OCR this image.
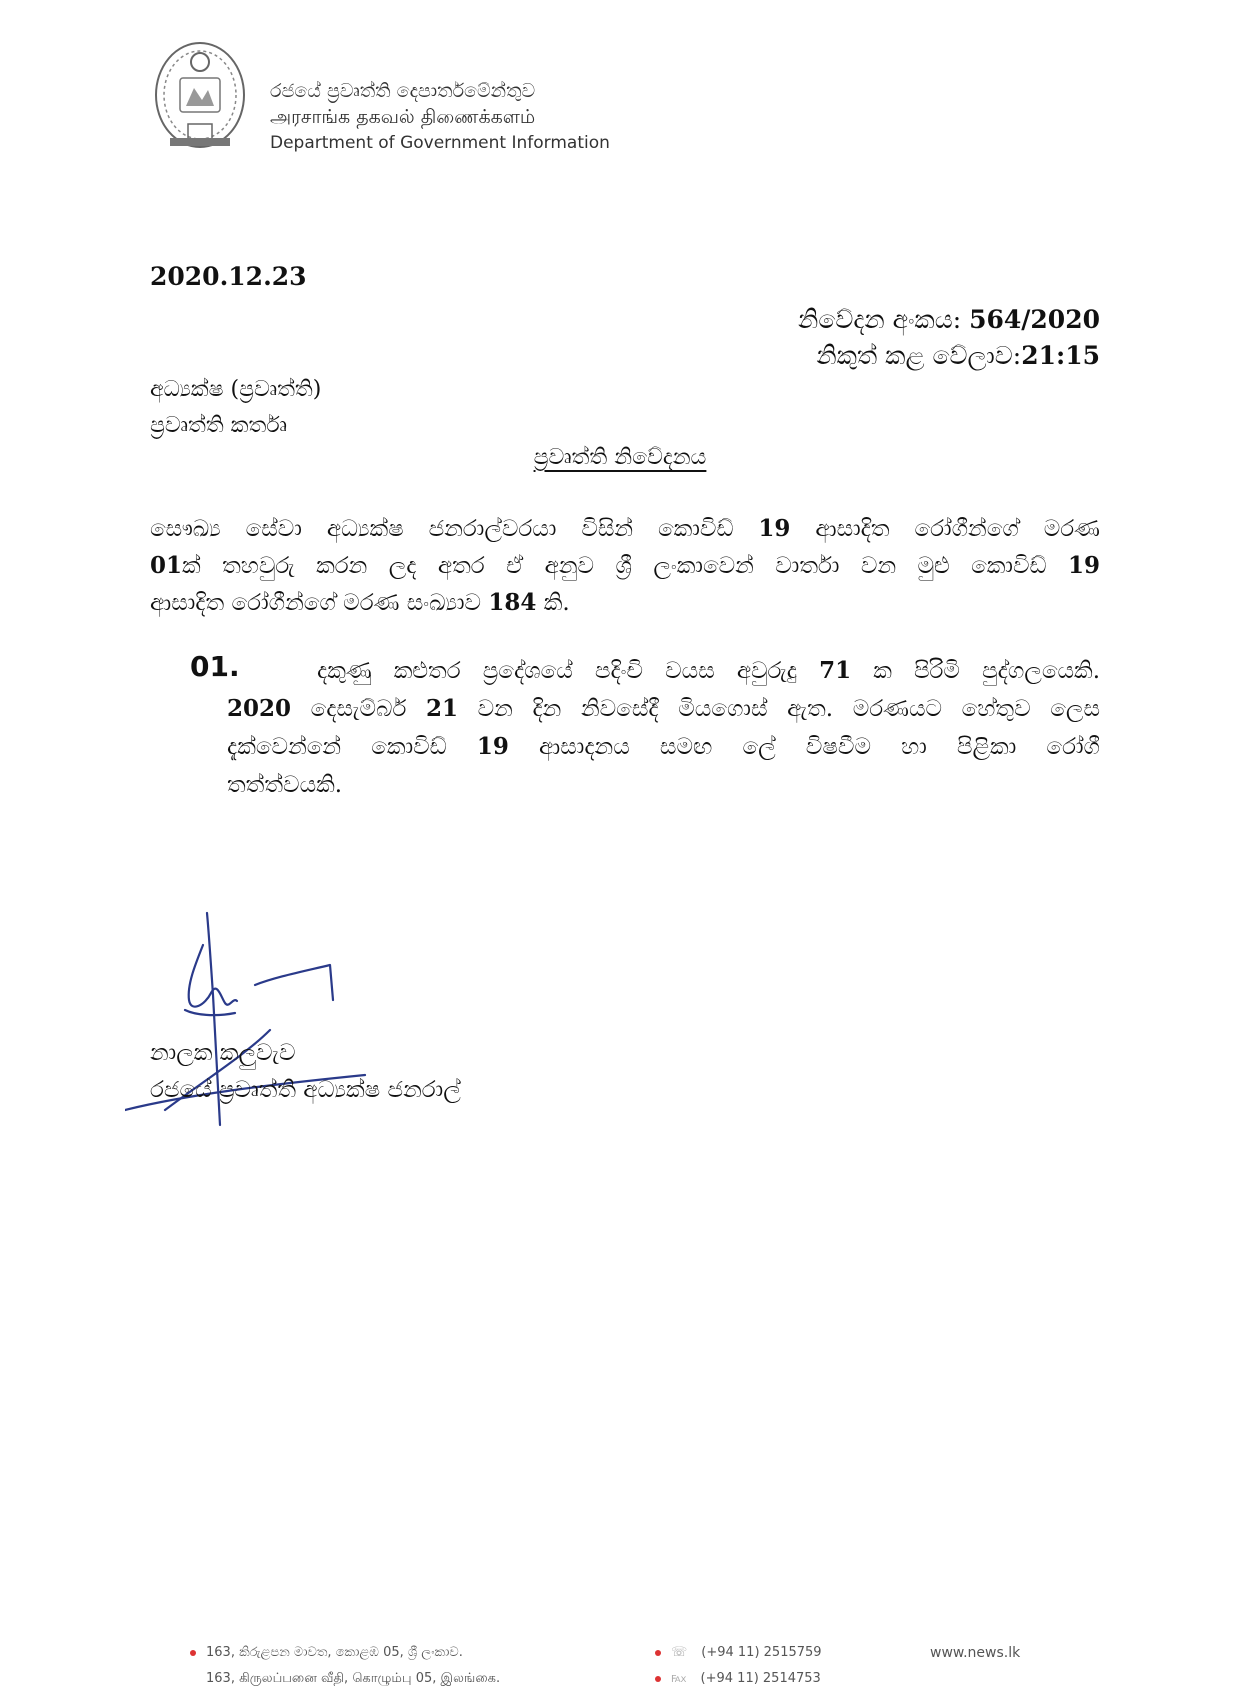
රජයේ ප්‍රවෘත්ති දෙපාර්තමේන්තුව
அரசாங்க தகவல் திணைக்களம்
Department of Government Information
2020.12.23
නිවේදන අංකය: 564/2020
නිකුත් කළ වේලාව:21:15
අධ්‍යක්ෂ (ප්‍රවෘත්ති)
ප්‍රවෘත්ති කර්තෘ
ප්‍රවෘත්ති නිවේදනය
සෞඛ්‍ය සේවා අධ්‍යක්ෂ ජනරාල්වරයා විසින් කොවිඩ් 19 ආසාදිත රෝගීන්ගේ මරණ
01ක් තහවුරු කරන ලද අතර ඒ අනුව ශ්‍රී ලංකාවෙන් වාර්තා වන මුළු කොවිඩ් 19
ආසාදිත රෝගීන්ගේ මරණ සංඛ්‍යාව 184 කි.
01.	දකුණු කළුතර ප්‍රදේශයේ පදිංචි වයස අවුරුදු 71 ක පිරිමි පුද්ගලයෙකි.
2020 දෙසැම්බර් 21 වන දින නිවසේදී මියගොස් ඇත. මරණයට හේතුව ලෙස
දැක්වෙන්නේ කොවිඩ් 19 ආසාදනය සමඟ ලේ විෂවීම හා පිළිකා රෝගී
තත්ත්වයකි.
නාලක කලුවැව
රජයේ ප්‍රවෘත්ති අධ්‍යක්ෂ ජනරාල්
163, කිරුළපන මාවත, කොළඹ 05, ශ්‍රී ලංකාව.
163, கிருலப்பனை வீதி, கொழும்பு 05, இலங்கை.
☏ (+94 11) 2515759
℻ (+94 11) 2514753
www.news.lk
